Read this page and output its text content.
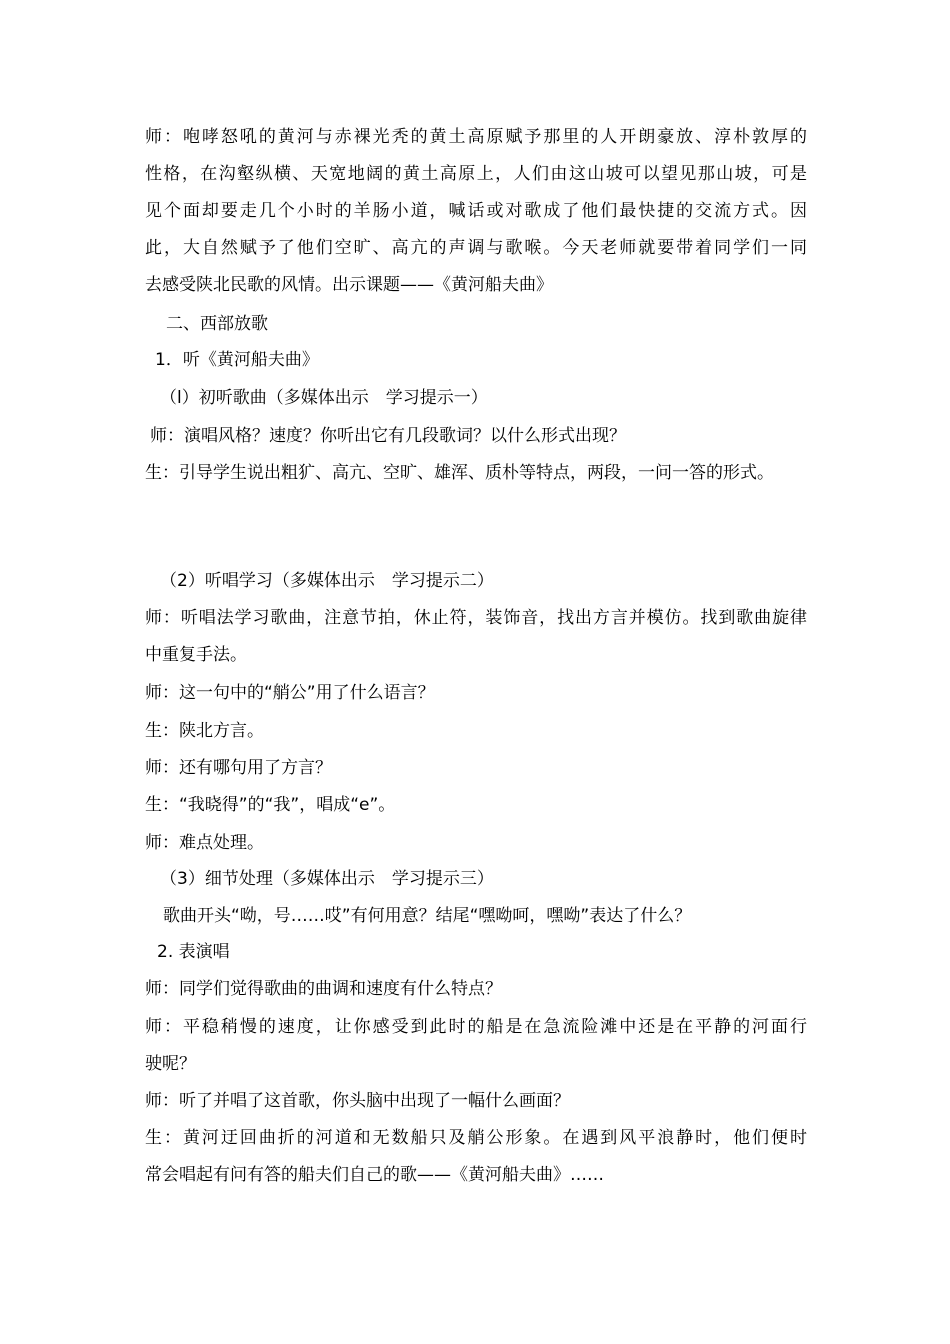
师：咆哮怒吼的黄河与赤裸光秃的黄土高原赋予那里的人开朗豪放、淳朴敦厚的
性格，在沟壑纵横、天宽地阔的黄土高原上，人们由这山坡可以望见那山坡，可是
见个面却要走几个小时的羊肠小道，喊话或对歌成了他们最快捷的交流方式。因
此，大自然赋予了他们空旷、高亢的声调与歌喉。今天老师就要带着同学们一同
去感受陕北民歌的风情。出示课题——《黄河船夫曲》
二、西部放歌
1．听《黄河船夫曲》
（l）初听歌曲（多媒体出示　学习提示一）
师：演唱风格？速度？你听出它有几段歌词？以什么形式出现？
生：引导学生说出粗犷、高亢、空旷、雄浑、质朴等特点，两段，一问一答的形式。
（2）听唱学习（多媒体出示　学习提示二）
师：听唱法学习歌曲，注意节拍，休止符，装饰音，找出方言并模仿。找到歌曲旋律
中重复手法。
师：这一句中的“艄公”用了什么语言？
生：陕北方言。
师：还有哪句用了方言？
生：“我晓得”的“我”，唱成“e”。
师：难点处理。
（3）细节处理（多媒体出示　学习提示三）
歌曲开头“呦，号……哎”有何用意？结尾“嘿呦呵，嘿呦”表达了什么？
2. 表演唱
师：同学们觉得歌曲的曲调和速度有什么特点？
师：平稳稍慢的速度，让你感受到此时的船是在急流险滩中还是在平静的河面行
驶呢？
师：听了并唱了这首歌，你头脑中出现了一幅什么画面？
生：黄河迂回曲折的河道和无数船只及艄公形象。在遇到风平浪静时，他们便时
常会唱起有问有答的船夫们自己的歌——《黄河船夫曲》……
